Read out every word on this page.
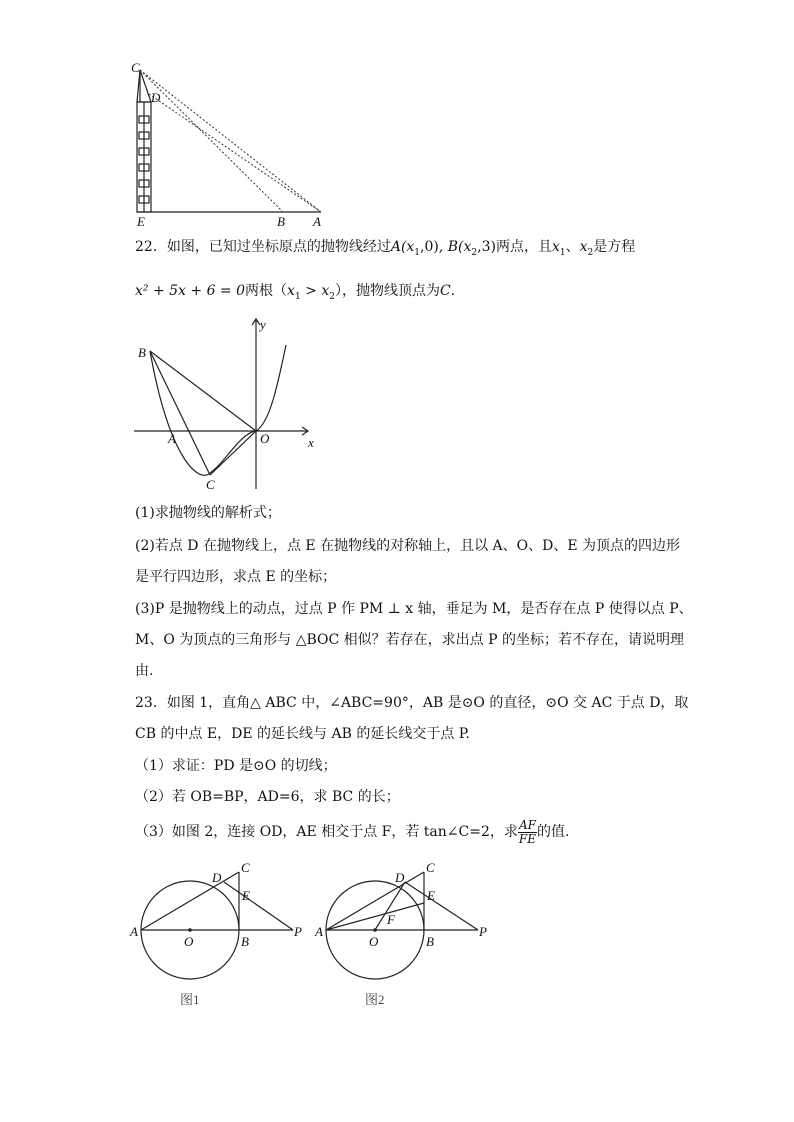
C
D
E	B A
22．如图，已知过坐标原点的抛物线经过$A(x_1,0)$, $B(x_2,3)$两点，且$x_1$、$x_2$是方程
x² + 5x + 6 = 0两根$(x_1 > x_2)$，抛物线顶点为C.
y
x
B
A	O
C
(1)求抛物线的解析式；
(2)若点 D 在抛物线上，点 E 在抛物线的对称轴上，且以 A、O、D、E 为顶点的四边形
是平行四边形，求点 E 的坐标；
(3)P 是抛物线上的动点，过点 P 作 PM ⊥ x 轴，垂足为 M，是否存在点 P 使得以点 P、
M、O 为顶点的三角形与 △BOC 相似？若存在，求出点 P 的坐标；若不存在，请说明理
由.
23．如图 1，直角△ ABC 中，∠ABC=90°，AB 是⊙O 的直径，⊙O 交 AC 于点 D，取
CB 的中点 E，DE 的延长线与 AB 的延长线交于点 P.
（1）求证：PD 是⊙O 的切线；
（2）若 OB=BP，AD=6，求 BC 的长；
（3）如图 2，连接 OD，AE 相交于点 F，若 tan∠C=2，求 $\frac{AF}{FE}$ 的值.
A
O	B
P
C
D
E
图1
A
O	B
P
C
D
E
F
图2
